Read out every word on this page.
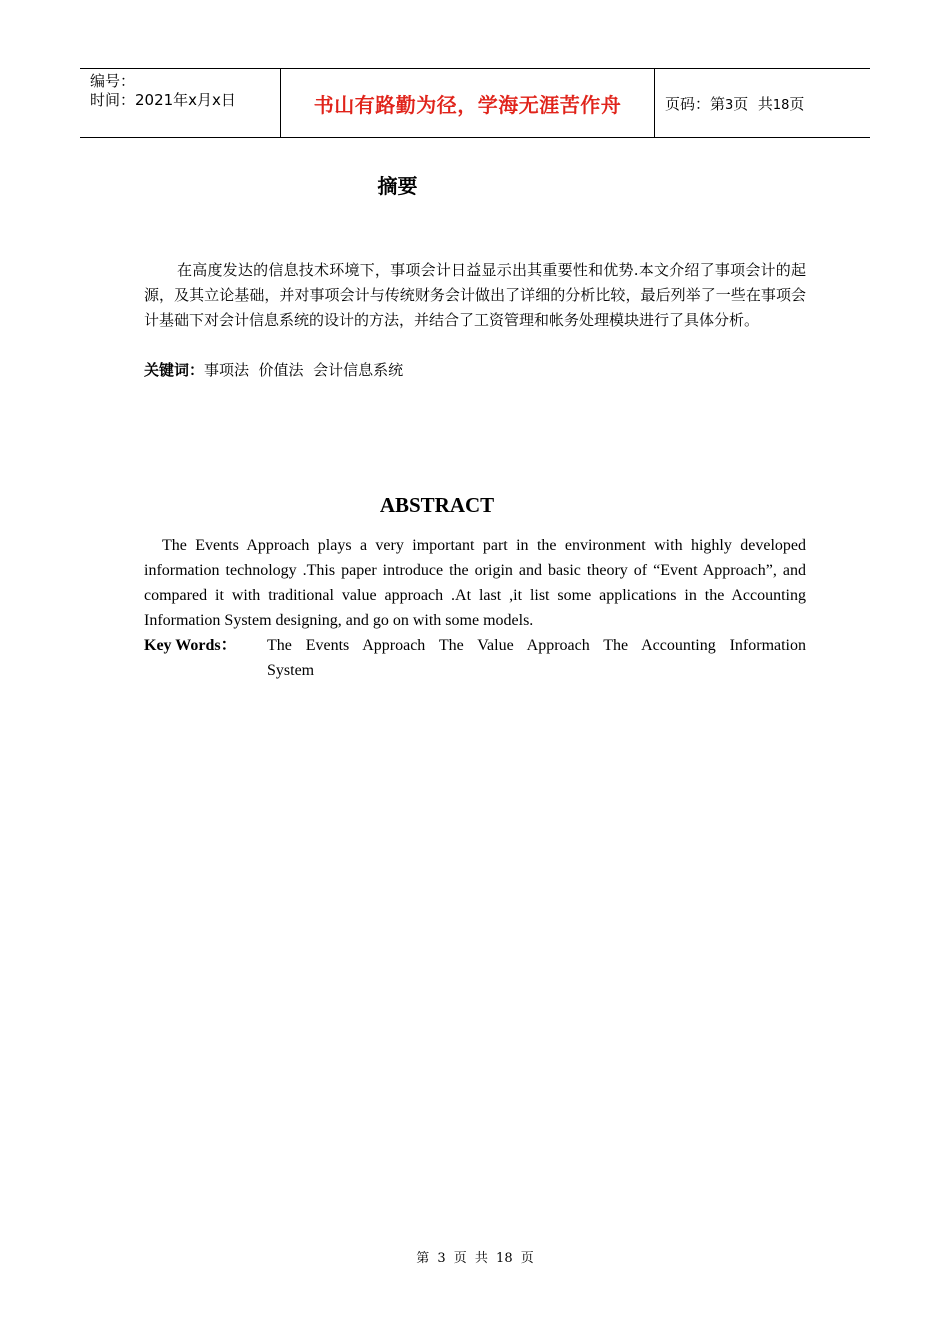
编号：
时间：2021年x月x日	书山有路勤为径，学海无涯苦作舟	页码：第3页  共18页
摘要
在高度发达的信息技术环境下，事项会计日益显示出其重要性和优势.本文介绍了事项会计的起源，及其立论基础，并对事项会计与传统财务会计做出了详细的分析比较，最后列举了一些在事项会计基础下对会计信息系统的设计的方法，并结合了工资管理和帐务处理模块进行了具体分析。
关键词：事项法  价值法  会计信息系统
ABSTRACT
The Events Approach plays a very important part in the environment with highly developed information technology .This paper introduce the origin and basic theory of “Event Approach”, and compared it with traditional value approach .At last ,it list some applications in the Accounting Information System designing, and go on with some models.
Key Words：	The Events Approach The Value Approach The Accounting Information System
第 3 页 共 18 页
